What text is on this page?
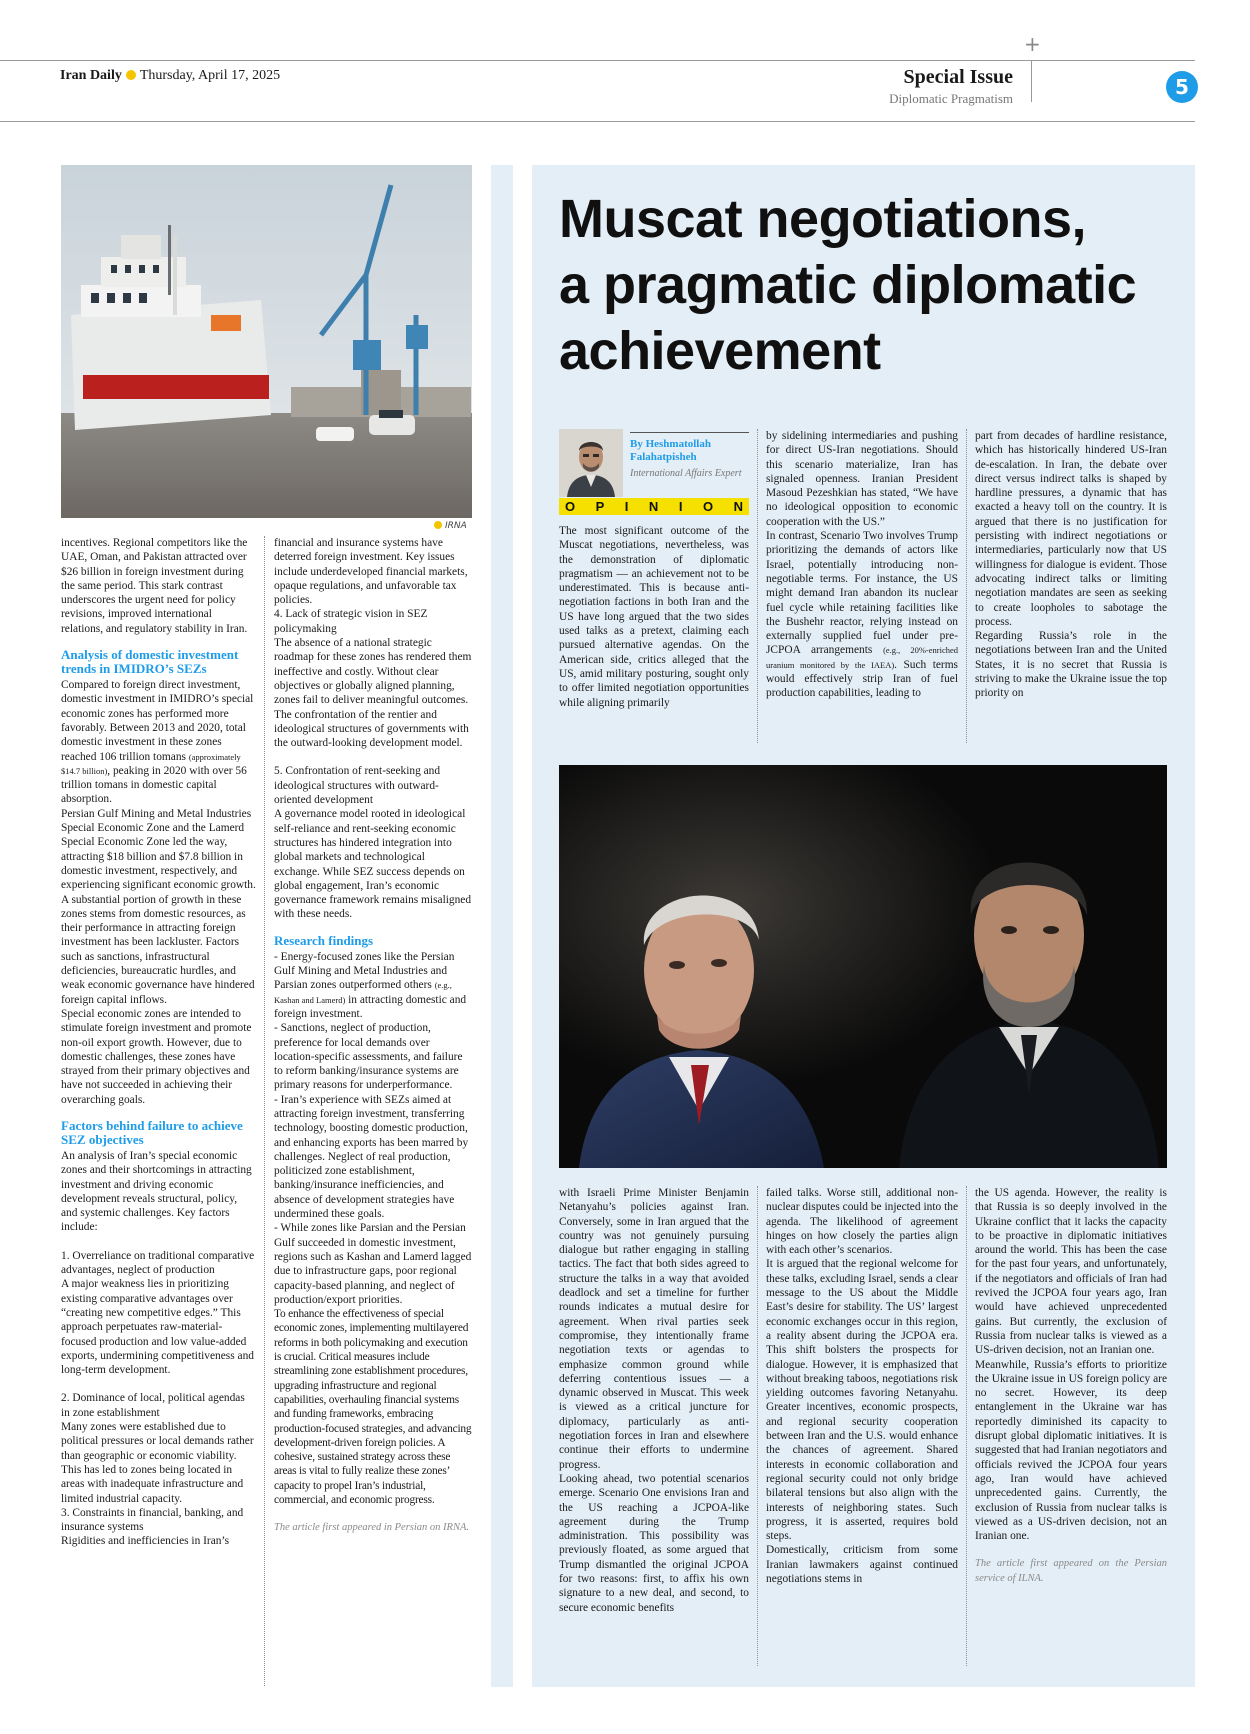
+
Iran Daily Thursday, April 17, 2025	Special Issue
Diplomatic Pragmatism	5
IRNA

incentives. Regional competitors like the UAE, Oman, and Pakistan attracted over $26 billion in foreign investment during the same period. This stark contrast underscores the urgent need for policy revisions, improved international relations, and regulatory stability in Iran.

Analysis of domestic investment trends in IMIDRO’s SEZs

Compared to foreign direct investment, domestic investment in IMIDRO’s special economic zones has performed more favorably. Between 2013 and 2020, total domestic investment in these zones reached 106 trillion tomans (approximately $14.7 billion), peaking in 2020 with over 56 trillion tomans in domestic capital absorption.

Persian Gulf Mining and Metal Industries Special Economic Zone and the Lamerd Special Economic Zone led the way, attracting $18 billion and $7.8 billion in domestic investment, respectively, and experiencing significant economic growth.

A substantial portion of growth in these zones stems from domestic resources, as their performance in attracting foreign investment has been lackluster. Factors such as sanctions, infrastructural deficiencies, bureaucratic hurdles, and weak economic governance have hindered foreign capital inflows.

Special economic zones are intended to stimulate foreign investment and promote non-oil export growth. However, due to domestic challenges, these zones have strayed from their primary objectives and have not succeeded in achieving their overarching goals.

Factors behind failure to achieve SEZ objectives

An analysis of Iran’s special economic zones and their shortcomings in attracting investment and driving economic development reveals structural, policy, and systemic challenges. Key factors include:

1. Overreliance on traditional comparative advantages, neglect of production

A major weakness lies in prioritizing existing comparative advantages over “creating new competitive edges.” This approach perpetuates raw-material-focused production and low value-added exports, undermining competitiveness and long-term development.

2. Dominance of local, political agendas in zone establishment

Many zones were established due to political pressures or local demands rather than geographic or economic viability. This has led to zones being located in areas with inadequate infrastructure and limited industrial capacity.

3. Constraints in financial, banking, and insurance systems

Rigidities and inefficiencies in Iran’s

financial and insurance systems have deterred foreign investment. Key issues include underdeveloped financial markets, opaque regulations, and unfavorable tax policies.

4. Lack of strategic vision in SEZ policymaking

The absence of a national strategic roadmap for these zones has rendered them ineffective and costly. Without clear objectives or globally aligned planning, zones fail to deliver meaningful outcomes.

The confrontation of the rentier and ideological structures of governments with the outward-looking development model.

5. Confrontation of rent-seeking and ideological structures with outward-oriented development

A governance model rooted in ideological self-reliance and rent-seeking economic structures has hindered integration into global markets and technological exchange. While SEZ success depends on global engagement, Iran’s economic governance framework remains misaligned with these needs.

Research findings

- Energy-focused zones like the Persian Gulf Mining and Metal Industries and Parsian zones outperformed others (e.g., Kashan and Lamerd) in attracting domestic and foreign investment.

- Sanctions, neglect of production, preference for local demands over location-specific assessments, and failure to reform banking/insurance systems are primary reasons for underperformance.

- Iran’s experience with SEZs aimed at attracting foreign investment, transferring technology, boosting domestic production, and enhancing exports has been marred by challenges. Neglect of real production, politicized zone establishment, banking/insurance inefficiencies, and absence of development strategies have undermined these goals.

- While zones like Parsian and the Persian Gulf succeeded in domestic investment, regions such as Kashan and Lamerd lagged due to infrastructure gaps, poor regional capacity-based planning, and neglect of production/export priorities.

To enhance the effectiveness of special economic zones, implementing multilayered reforms in both policymaking and execution is crucial. Critical measures include streamlining zone establishment procedures, upgrading infrastructure and regional capabilities, overhauling financial systems and funding frameworks, embracing production-focused strategies, and advancing development-driven foreign policies. A cohesive, sustained strategy across these areas is vital to fully realize these zones’ capacity to propel Iran’s industrial, commercial, and economic progress.

The article first appeared in Persian on IRNA.

Muscat negotiations,
a pragmatic diplomatic
achievement
By Heshmatollah Falahatpisheh
International Affairs Expert
O P I N I O N

The most significant outcome of the Muscat negotiations, nevertheless, was the demonstration of diplomatic pragmatism — an achievement not to be underestimated. This is because anti-negotiation factions in both Iran and the US have long argued that the two sides used talks as a pretext, claiming each pursued alternative agendas. On the American side, critics alleged that the US, amid military posturing, sought only to offer limited negotiation opportunities while aligning primarily

by sidelining intermediaries and pushing for direct US-Iran negotiations. Should this scenario materialize, Iran has signaled openness. Iranian President Masoud Pezeshkian has stated, “We have no ideological opposition to economic cooperation with the US.”

In contrast, Scenario Two involves Trump prioritizing the demands of actors like Israel, potentially introducing non-negotiable terms. For instance, the US might demand Iran abandon its nuclear fuel cycle while retaining facilities like the Bushehr reactor, relying instead on externally supplied fuel under pre-JCPOA arrangements (e.g., 20%-enriched uranium monitored by the IAEA). Such terms would effectively strip Iran of fuel production capabilities, leading to

part from decades of hardline resistance, which has historically hindered US-Iran de-escalation. In Iran, the debate over direct versus indirect talks is shaped by hardline pressures, a dynamic that has exacted a heavy toll on the country. It is argued that there is no justification for persisting with indirect negotiations or intermediaries, particularly now that US willingness for dialogue is evident. Those advocating indirect talks or limiting negotiation mandates are seen as seeking to create loopholes to sabotage the process.

Regarding Russia’s role in the negotiations between Iran and the United States, it is no secret that Russia is striving to make the Ukraine issue the top priority on

with Israeli Prime Minister Benjamin Netanyahu’s policies against Iran. Conversely, some in Iran argued that the country was not genuinely pursuing dialogue but rather engaging in stalling tactics. The fact that both sides agreed to structure the talks in a way that avoided deadlock and set a timeline for further rounds indicates a mutual desire for agreement. When rival parties seek compromise, they intentionally frame negotiation texts or agendas to emphasize common ground while deferring contentious issues — a dynamic observed in Muscat. This week is viewed as a critical juncture for diplomacy, particularly as anti-negotiation forces in Iran and elsewhere continue their efforts to undermine progress.

Looking ahead, two potential scenarios emerge. Scenario One envisions Iran and the US reaching a JCPOA-like agreement during the Trump administration. This possibility was previously floated, as some argued that Trump dismantled the original JCPOA for two reasons: first, to affix his own signature to a new deal, and second, to secure economic benefits

failed talks. Worse still, additional non-nuclear disputes could be injected into the agenda. The likelihood of agreement hinges on how closely the parties align with each other’s scenarios.

It is argued that the regional welcome for these talks, excluding Israel, sends a clear message to the US about the Middle East’s desire for stability. The US’ largest economic exchanges occur in this region, a reality absent during the JCPOA era. This shift bolsters the prospects for dialogue. However, it is emphasized that without breaking taboos, negotiations risk yielding outcomes favoring Netanyahu. Greater incentives, economic prospects, and regional security cooperation between Iran and the U.S. would enhance the chances of agreement. Shared interests in economic collaboration and regional security could not only bridge bilateral tensions but also align with the interests of neighboring states. Such progress, it is asserted, requires bold steps.

Domestically, criticism from some Iranian lawmakers against continued negotiations stems in

the US agenda. However, the reality is that Russia is so deeply involved in the Ukraine conflict that it lacks the capacity to be proactive in diplomatic initiatives around the world. This has been the case for the past four years, and unfortunately, if the negotiators and officials of Iran had revived the JCPOA four years ago, Iran would have achieved unprecedented gains. But currently, the exclusion of Russia from nuclear talks is viewed as a US-driven decision, not an Iranian one.

Meanwhile, Russia’s efforts to prioritize the Ukraine issue in US foreign policy are no secret. However, its deep entanglement in the Ukraine war has reportedly diminished its capacity to disrupt global diplomatic initiatives. It is suggested that had Iranian negotiators and officials revived the JCPOA four years ago, Iran would have achieved unprecedented gains. Currently, the exclusion of Russia from nuclear talks is viewed as a US-driven decision, not an Iranian one.

The article first appeared on the Persian service of ILNA.
